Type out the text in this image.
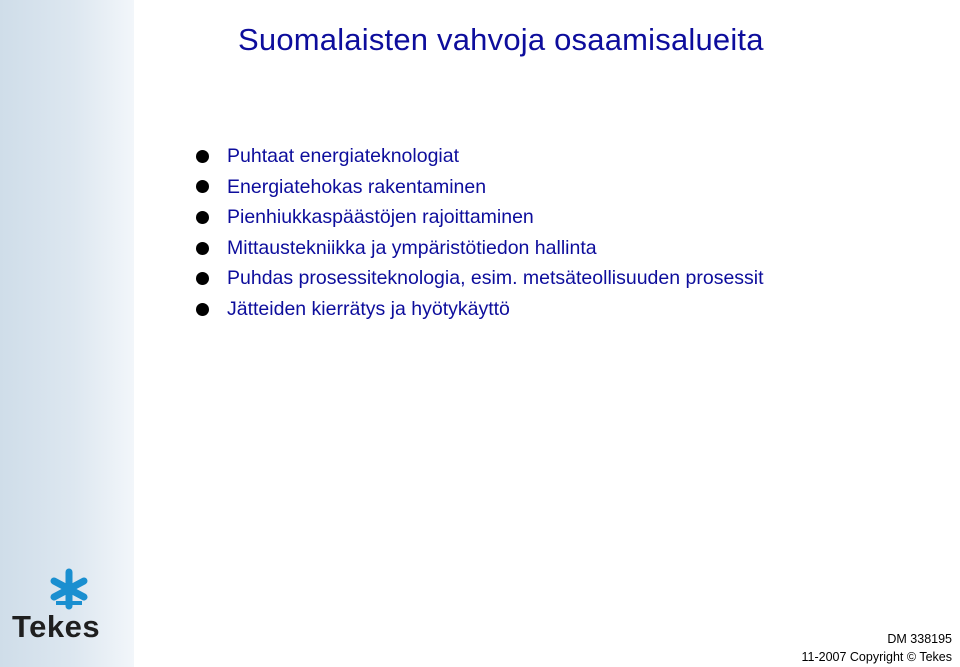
Suomalaisten vahvoja osaamisalueita
Puhtaat energiateknologiat
Energiatehokas rakentaminen
Pienhiukkaspäästöjen rajoittaminen
Mittaustekniikka ja ympäristötiedon hallinta
Puhdas prosessiteknologia, esim. metsäteollisuuden prosessit
Jätteiden kierrätys ja hyötykäyttö
Tekes	DM 338195
11-2007 Copyright © Tekes
